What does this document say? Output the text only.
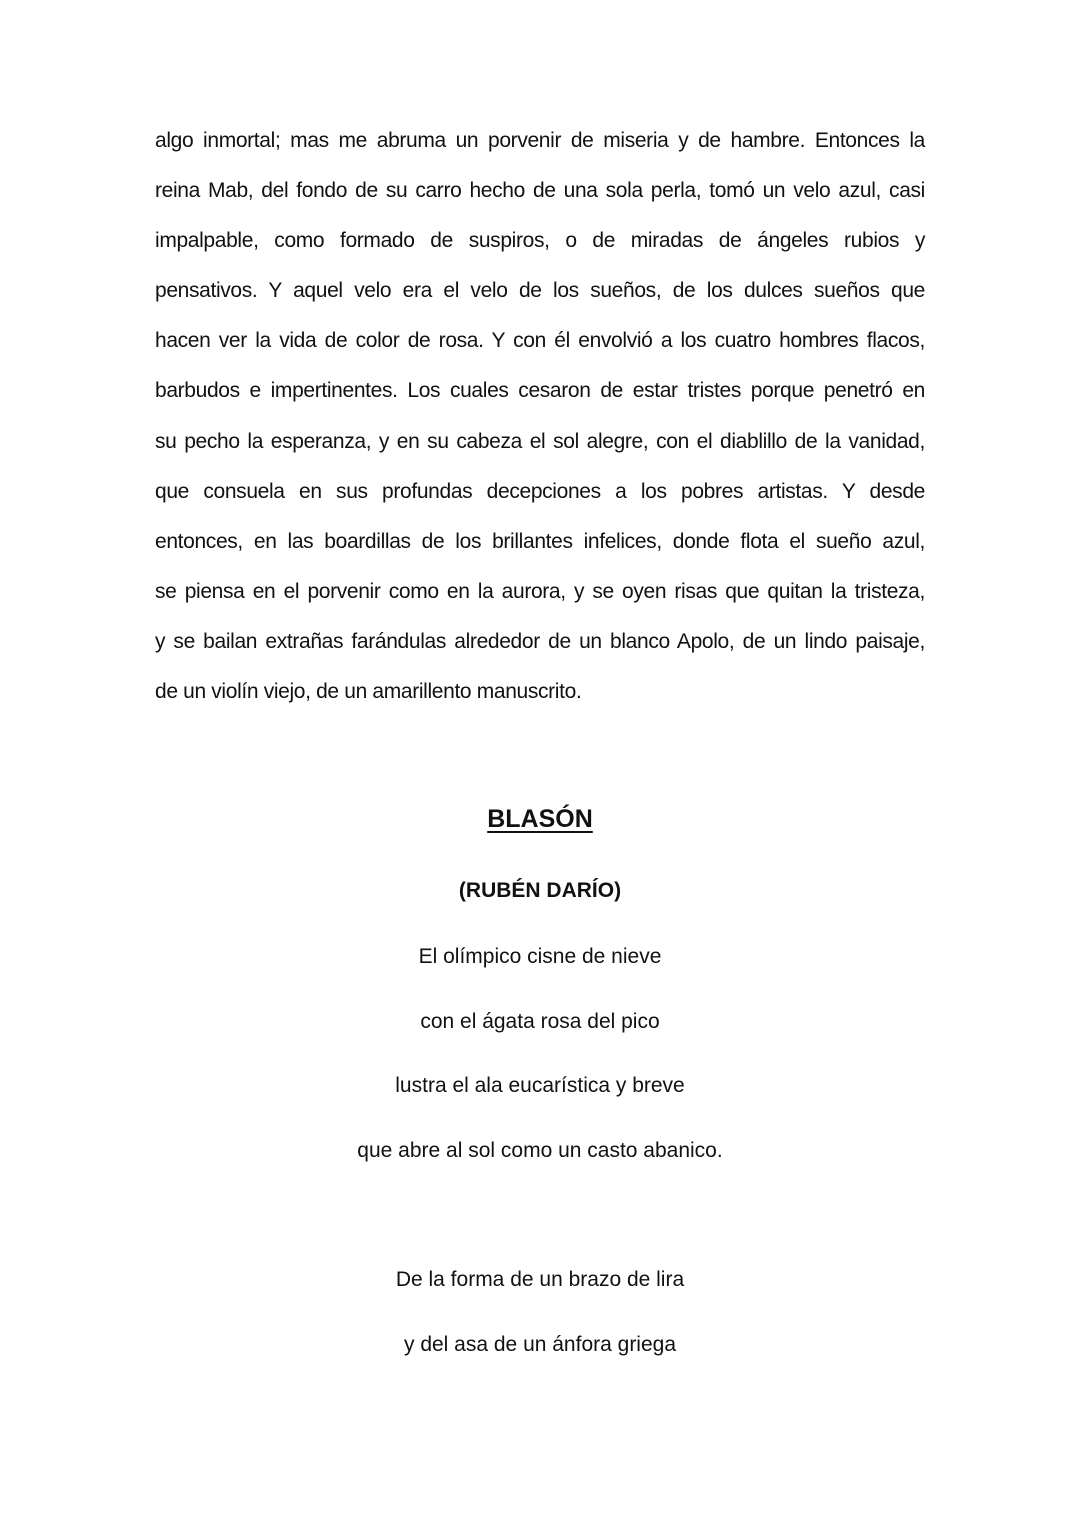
algo inmortal; mas me abruma un porvenir de miseria y de hambre. Entonces la
reina Mab, del fondo de su carro hecho de una sola perla, tomó un velo azul, casi
impalpable, como formado de suspiros, o de miradas de ángeles rubios y
pensativos. Y aquel velo era el velo de los sueños, de los dulces sueños que
hacen ver la vida de color de rosa. Y con él envolvió a los cuatro hombres flacos,
barbudos e impertinentes. Los cuales cesaron de estar tristes porque penetró en
su pecho la esperanza, y en su cabeza el sol alegre, con el diablillo de la vanidad,
que consuela en sus profundas decepciones a los pobres artistas. Y desde
entonces, en las boardillas de los brillantes infelices, donde flota el sueño azul,
se piensa en el porvenir como en la aurora, y se oyen risas que quitan la tristeza,
y se bailan extrañas farándulas alrededor de un blanco Apolo, de un lindo paisaje,
de un violín viejo, de un amarillento manuscrito.
BLASÓN

(RUBÉN DARÍO)

El olímpico cisne de nieve

con el ágata rosa del pico

lustra el ala eucarística y breve

que abre al sol como un casto abanico.

De la forma de un brazo de lira

y del asa de un ánfora griega
